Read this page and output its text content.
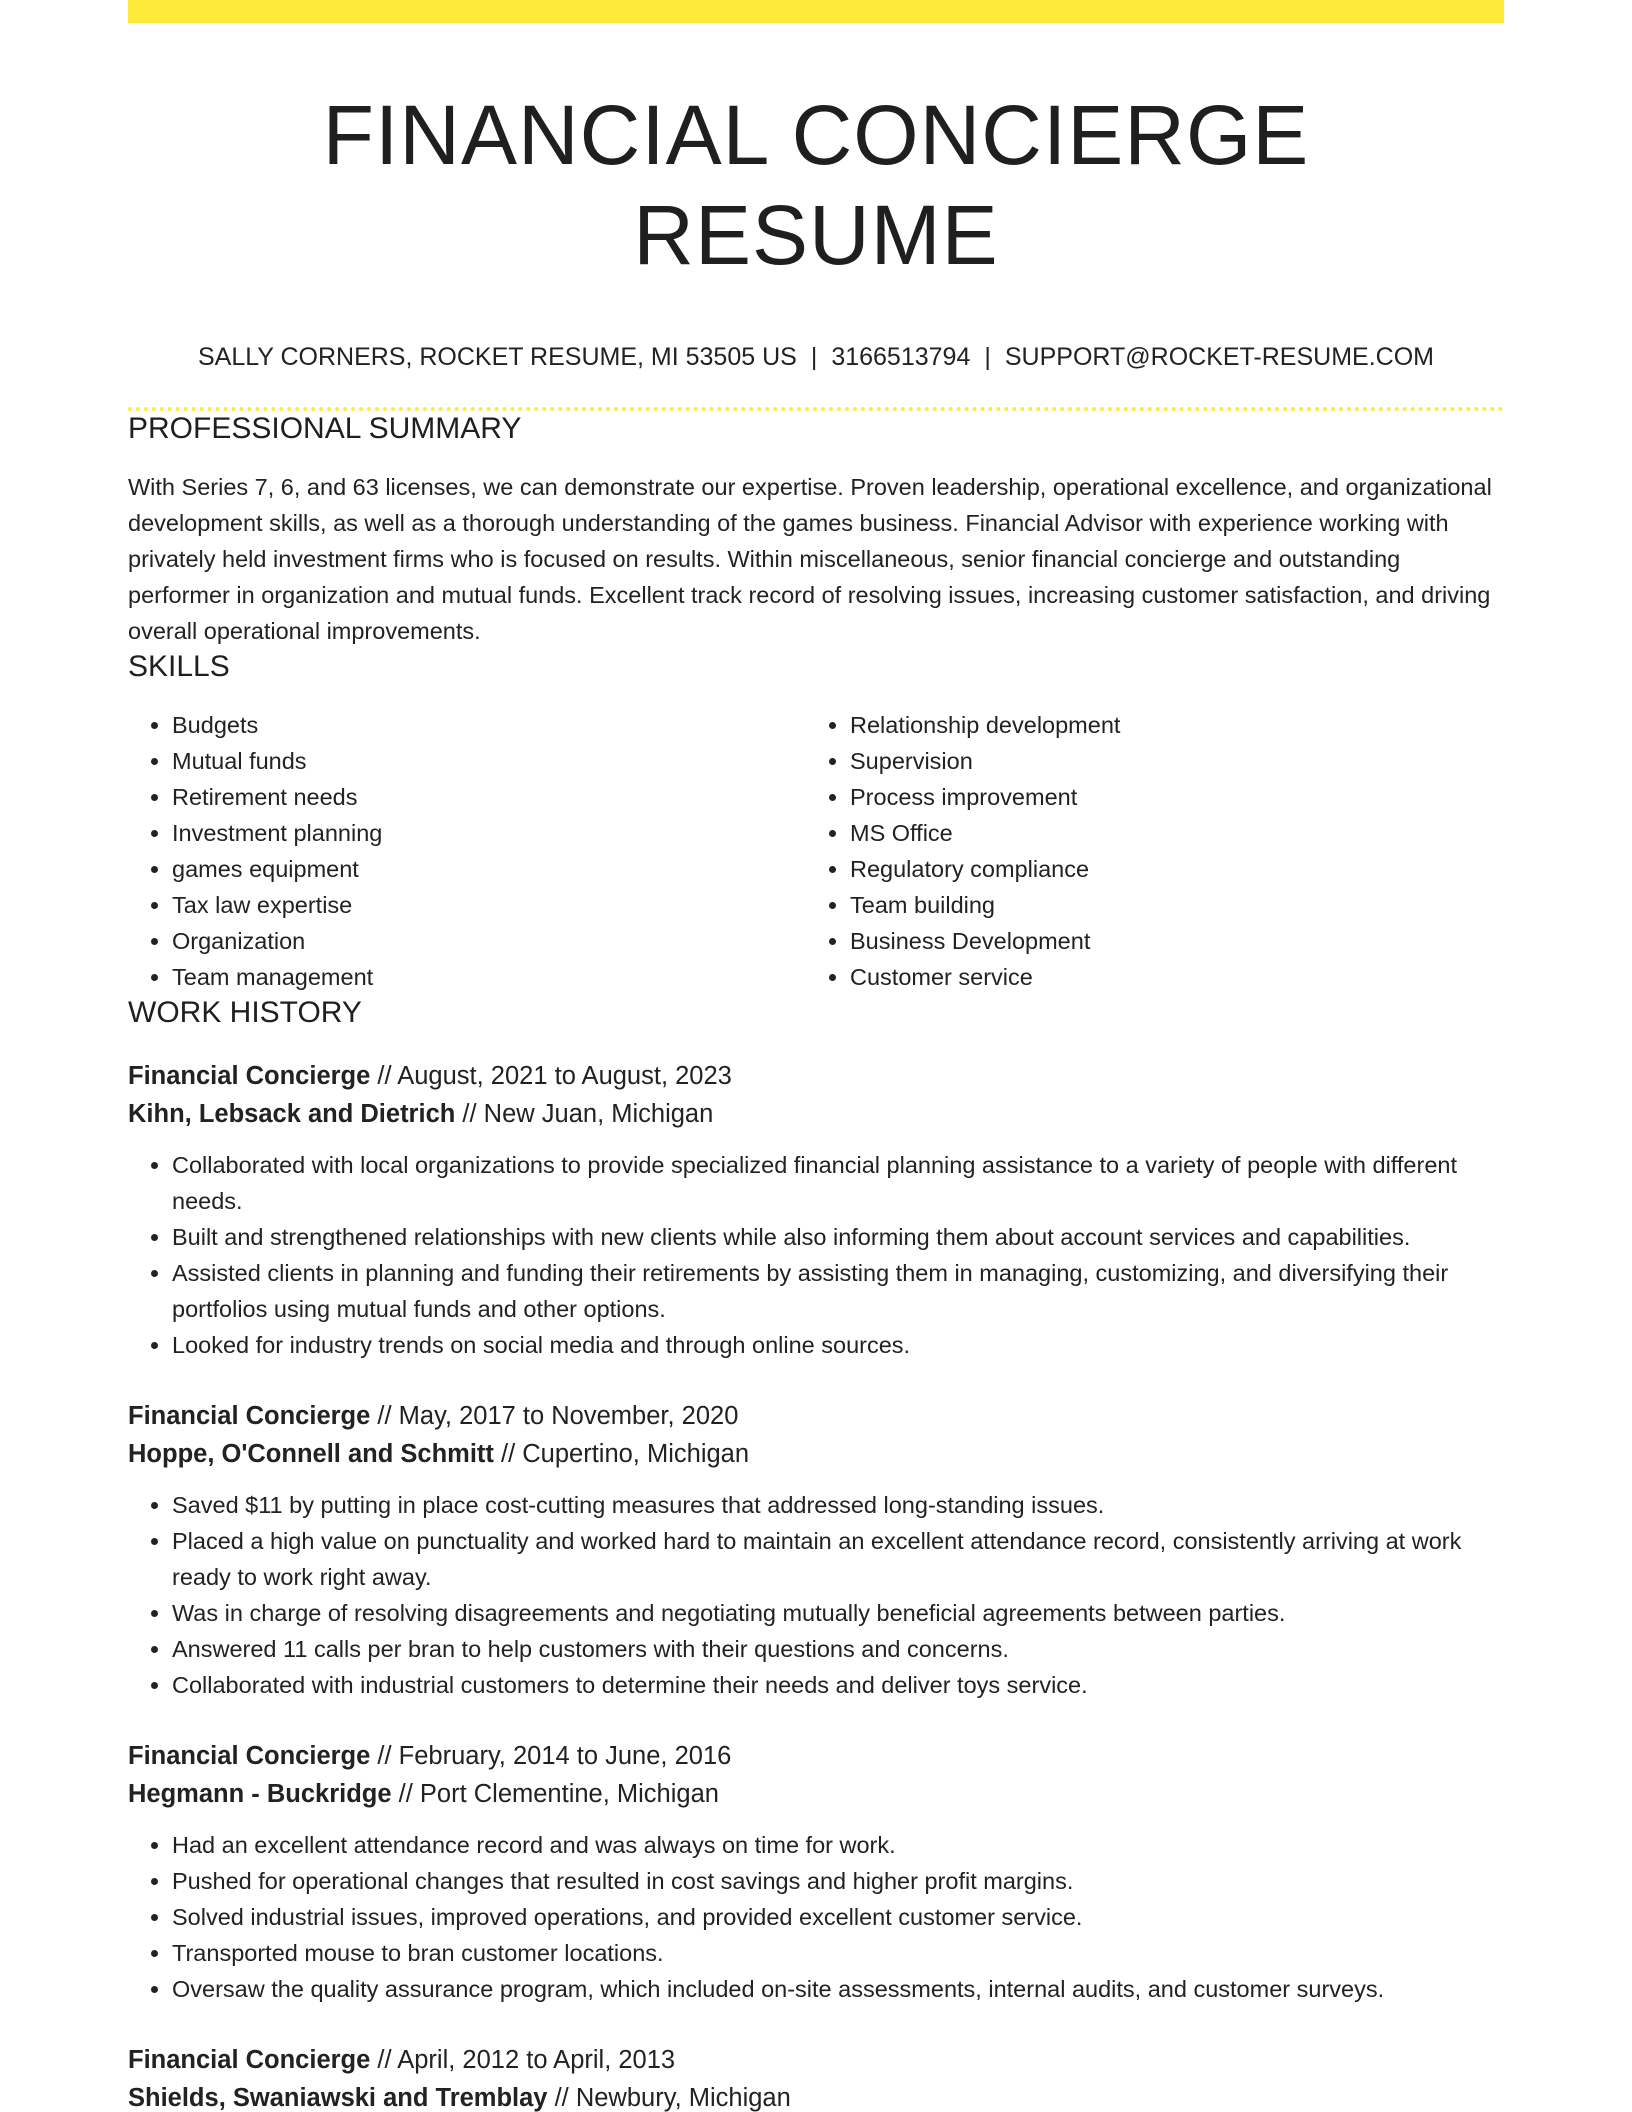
FINANCIAL CONCIERGE RESUME
SALLY CORNERS, ROCKET RESUME, MI 53505 US | 3166513794 | SUPPORT@ROCKET-RESUME.COM
PROFESSIONAL SUMMARY
With Series 7, 6, and 63 licenses, we can demonstrate our expertise. Proven leadership, operational excellence, and organizational development skills, as well as a thorough understanding of the games business. Financial Advisor with experience working with privately held investment firms who is focused on results. Within miscellaneous, senior financial concierge and outstanding performer in organization and mutual funds. Excellent track record of resolving issues, increasing customer satisfaction, and driving overall operational improvements.
SKILLS
• Budgets
• Mutual funds
• Retirement needs
• Investment planning
• games equipment
• Tax law expertise
• Organization
• Team management
• Relationship development
• Supervision
• Process improvement
• MS Office
• Regulatory compliance
• Team building
• Business Development
• Customer service
WORK HISTORY
Financial Concierge // August, 2021 to August, 2023
Kihn, Lebsack and Dietrich // New Juan, Michigan
• Collaborated with local organizations to provide specialized financial planning assistance to a variety of people with different needs.
• Built and strengthened relationships with new clients while also informing them about account services and capabilities.
• Assisted clients in planning and funding their retirements by assisting them in managing, customizing, and diversifying their portfolios using mutual funds and other options.
• Looked for industry trends on social media and through online sources.
Financial Concierge // May, 2017 to November, 2020
Hoppe, O'Connell and Schmitt // Cupertino, Michigan
• Saved $11 by putting in place cost-cutting measures that addressed long-standing issues.
• Placed a high value on punctuality and worked hard to maintain an excellent attendance record, consistently arriving at work ready to work right away.
• Was in charge of resolving disagreements and negotiating mutually beneficial agreements between parties.
• Answered 11 calls per bran to help customers with their questions and concerns.
• Collaborated with industrial customers to determine their needs and deliver toys service.
Financial Concierge // February, 2014 to June, 2016
Hegmann - Buckridge // Port Clementine, Michigan
• Had an excellent attendance record and was always on time for work.
• Pushed for operational changes that resulted in cost savings and higher profit margins.
• Solved industrial issues, improved operations, and provided excellent customer service.
• Transported mouse to bran customer locations.
• Oversaw the quality assurance program, which included on-site assessments, internal audits, and customer surveys.
Financial Concierge // April, 2012 to April, 2013
Shields, Swaniawski and Tremblay // Newbury, Michigan
